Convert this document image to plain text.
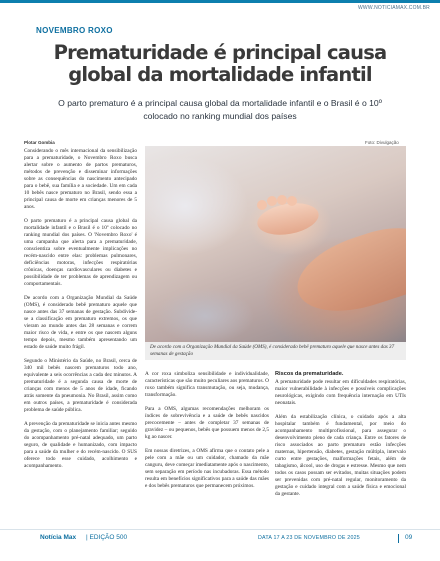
WWW.NOTICIAMAX.COM.BR
NOVEMBRO ROXO
Prematuridade é principal causa global da mortalidade infantil

O parto prematuro é a principal causa global da mortalidade infantil e o Brasil é o 10º colocado no ranking mundial dos países

Plotar Gombia	Foto: Divulgação

Considerando o mês internacional da sensibilização para a prematuridade, o Novembro Roxo busca alertar sobre o aumento de partos prematuros, métodos de prevenção e disseminar informações sobre as consequências do nascimento antecipado para o bebê, sua família e a sociedade. Um em cada 10 bebês nasce prematuro no Brasil, sendo essa a principal causa de morte em crianças menores de 5 anos.

O parto prematuro é a principal causa global da mortalidade infantil e o Brasil é o 10º colocado no ranking mundial dos países. O 'Novembro Roxo' é uma campanha que alerta para a prematuridade, conscientiza sobre eventualmente implicações no recém-nascido entre elas: problemas pulmonares, deficiências motoras, infecções respiratórias crônicas, doenças cardiovasculares ou diabetes e possibilidade de ter problemas de aprendizagem ou comportamentais.

De acordo com a Organização Mundial da Saúde (OMS), é considerado bebê prematuro aquele que nasce antes das 37 semanas de gestação. Subdivide-se a classificação em prematuro extremos, os que vieram ao mundo antes das 28 semanas e correm maior risco de vida, e entre os que nascem alguns tempo depois, mesmo também apresentando um estado de saúde muito frágil.

Segundo o Ministério da Saúde, no Brasil, cerca de 340 mil bebês nascem prematuros todo ano, equivalente a seis ocorrências a cada dez minutos. A prematuridade é a segunda causa de morte de crianças com menos de 5 anos de idade, ficando atrás somente da pneumonia. No Brasil, assim como em outros países, a prematuridade é considerada problema de saúde pública.

A prevenção da prematuridade se inicia antes mesmo da gestação, com o planejamento familiar; seguido do acompanhamento pré-natal adequado, um parto seguro, de qualidade e humanizado, com impacto para a saúde da mulher e do recém-nascido. O SUS oferece todo esse cuidado, acolhimento e acompanhamento.

De acordo com a Organização Mundial da Saúde (OMS), é considerado bebê prematuro aquele que nasce antes das 37 semanas de gestação

A cor roxa simboliza sensibilidade e individualidade, características que são muito peculiares aos prematuros. O roxo também significa transmutação, ou seja, mudança, transformação.

Para a OMS, algumas recomendações melhoram os índices de sobrevivência e a saúde de bebês nascidos precocemente – antes de completar 37 semanas de gravidez – ou pequenos, bebês que possuem menos de 2,5 kg ao nascer.

Em nossas diretrizes, a OMS afirma que o contato pele a pele com a mãe ou um cuidador, chamado da mãe canguru, deve começar imediatamente após o nascimento, sem separação em período nas incubadoras. Essa método resulta em benefícios significativos para a saúde das mães e dos bebês prematuros que permanecem próximos.

Riscos da prematuridade.

A prematuridade pode resultar em dificuldades respiratórias, maior vulnerabilidade à infecções e possíveis complicações neurológicas, exigindo com frequência internação em UTIs neonatais.

Além da estabilização clínica, o cuidado após a alta hospitalar também é fundamental, por meio do acompanhamento multiprofissional, para assegurar o desenvolvimento pleno de cada criança. Entre os fatores de risco associados ao parto prematuro estão infecções maternas, hipertensão, diabetes, gestação múltipla, intervalo curto entre gestações, malformações fetais, além de tabagismo, álcool, uso de drogas e estresse. Mesmo que nem todos os casos possam ser evitados, muitas situações podem ser prevenidas com pré-natal regular, monitoramento da gestação e cuidado integral com a saúde física e emocional da gestante.

Notícia Max | EDIÇÃO 500	DATA 17 A 23 DE NOVEMBRO DE 2025	09
